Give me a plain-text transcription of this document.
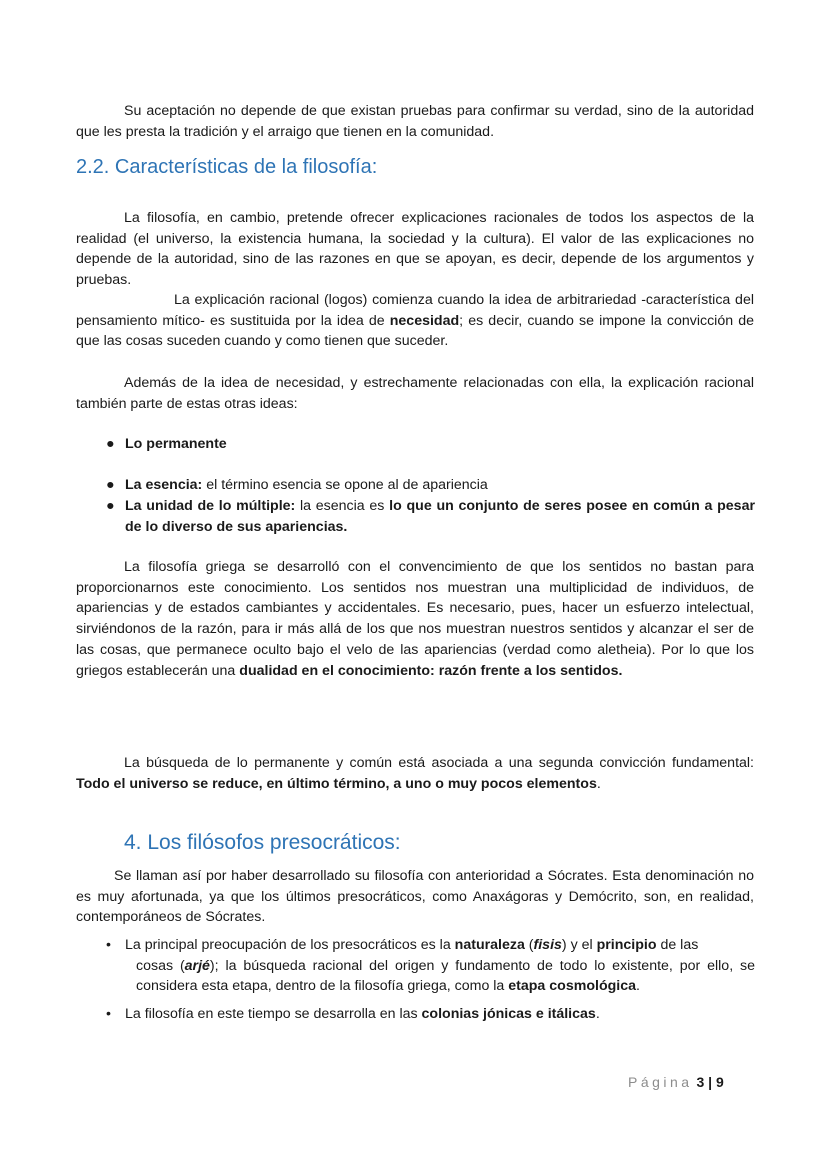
Su aceptación no depende de que existan pruebas para confirmar su verdad, sino de la autoridad que les presta la tradición y el arraigo que tienen en la comunidad.
2.2. Características de la filosofía:
La filosofía, en cambio, pretende ofrecer explicaciones racionales de todos los aspectos de la realidad (el universo, la existencia humana, la sociedad y la cultura). El valor de las explicaciones no depende de la autoridad, sino de las razones en que se apoyan, es decir, depende de los argumentos y pruebas.
La explicación racional (logos) comienza cuando la idea de arbitrariedad -característica del pensamiento mítico- es sustituida por la idea de necesidad; es decir, cuando se impone la convicción de que las cosas suceden cuando y como tienen que suceder.
Además de la idea de necesidad, y estrechamente relacionadas con ella, la explicación racional también parte de estas otras ideas:
● Lo permanente
● La esencia: el término esencia se opone al de apariencia
● La unidad de lo múltiple: la esencia es lo que un conjunto de seres posee en común a pesar de lo diverso de sus apariencias.
La filosofía griega se desarrolló con el convencimiento de que los sentidos no bastan para proporcionarnos este conocimiento. Los sentidos nos muestran una multiplicidad de individuos, de apariencias y de estados cambiantes y accidentales. Es necesario, pues, hacer un esfuerzo intelectual, sirviéndonos de la razón, para ir más allá de los que nos muestran nuestros sentidos y alcanzar el ser de las cosas, que permanece oculto bajo el velo de las apariencias (verdad como aletheia). Por lo que los griegos establecerán una dualidad en el conocimiento: razón frente a los sentidos.
La búsqueda de lo permanente y común está asociada a una segunda convicción fundamental: Todo el universo se reduce, en último término, a uno o muy pocos elementos.
4. Los filósofos presocráticos:
Se llaman así por haber desarrollado su filosofía con anterioridad a Sócrates. Esta denominación no es muy afortunada, ya que los últimos presocráticos, como Anaxágoras y Demócrito, son, en realidad, contemporáneos de Sócrates.
• La principal preocupación de los presocráticos es la naturaleza (fisis) y el principio de las
cosas (arjé); la búsqueda racional del origen y fundamento de todo lo existente, por ello, se considera esta etapa, dentro de la filosofía griega, como la etapa cosmológica.
• La filosofía en este tiempo se desarrolla en las colonias jónicas e itálicas.
Página 3 | 9
